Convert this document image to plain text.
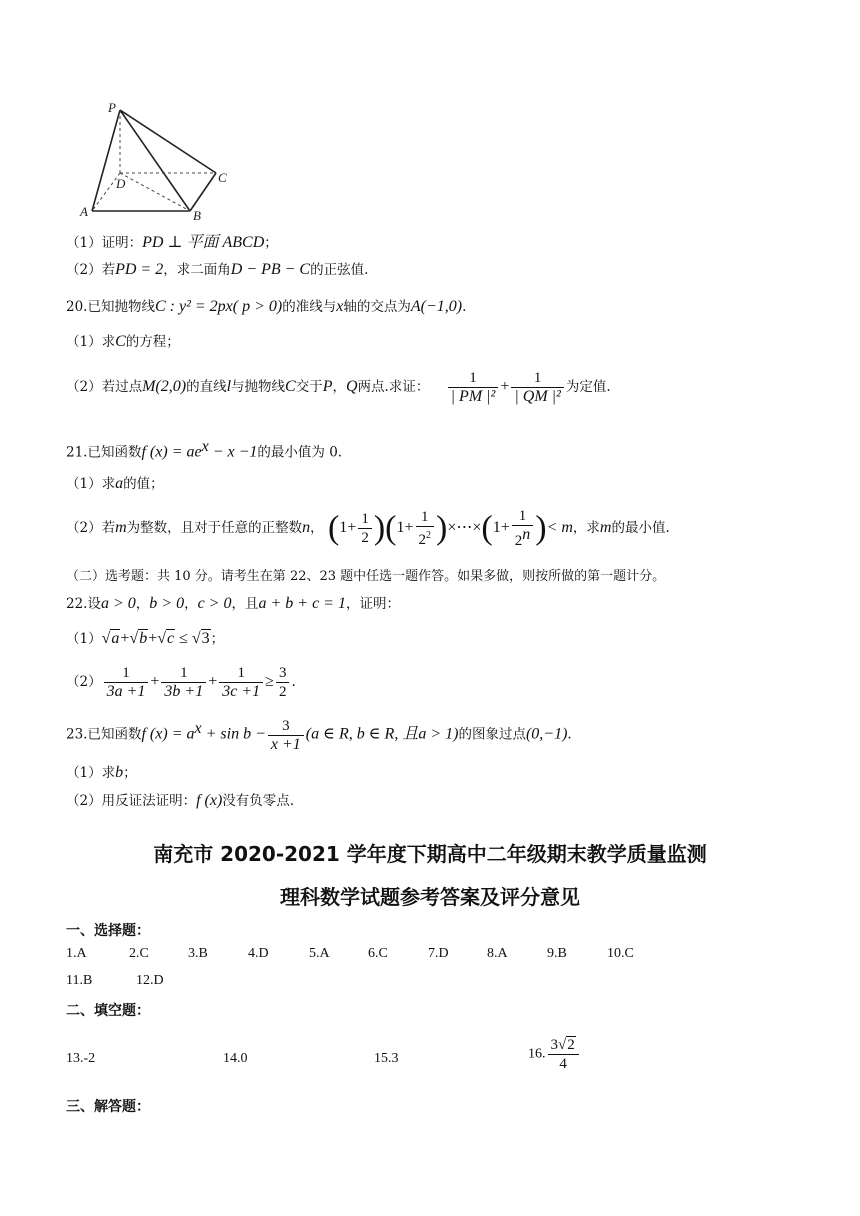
P
A	B
C
D
（1）证明：PD ⊥ 平面 ABCD；
（2）若PD = 2，求二面角D − PB − C的正弦值.
20.已知抛物线C : y² = 2px( p > 0)的准线与x轴的交点为A(−1,0).
（1）求C的方程；
（2）若过点M(2,0)的直线l与抛物线C交于P，Q两点.求证： $\frac{1}{\text{| PM |²}} + \frac{1}{\text{| QM |²}}$ 为定值.
21.已知函数f $(x) = ae^x - x -1$的最小值为 0.
（1）求a的值；
（2）若m为整数，且对于任意的正整数n， $(1+ \frac{1}{2} )(1+ \frac{1}{2^2}$ )×⋯×(1+ $\frac{1}{2^n}$ )< m，求m的最小值.
（二）选考题：共 10 分。请考生在第 22、23 题中任选一题作答。如果多做，则按所做的第一题计分。
22.设a > 0，b > 0，c > 0，且a + b + c = 1，证明：
（1）√a+√b+√c ≤ √3；
$(2) \frac{1}{3a +1} + \frac{1}{3b +1} + \frac{1}{3c +1} \ge \frac{3}{2}$ .
23.已知函数f $(x) = a^x + \sin b - \frac{3}{x +1} (a$ ∈ R, b ∈ R, 且a > 1)的图象过点(0,−1).
（1）求b；
（2）用反证法证明：f (x)没有负零点.
南充市 2020-2021 学年度下期高中二年级期末教学质量监测
理科数学试题参考答案及评分意见
一、选择题：
1.A	2.C	3.B	4.D	5.A	6.C	7.D	8.A	9.B	10.C
11.B	12.D
二、填空题：
13.-2	14.0	15.3	16. $\frac{3√2}{4}$
三、解答题：
